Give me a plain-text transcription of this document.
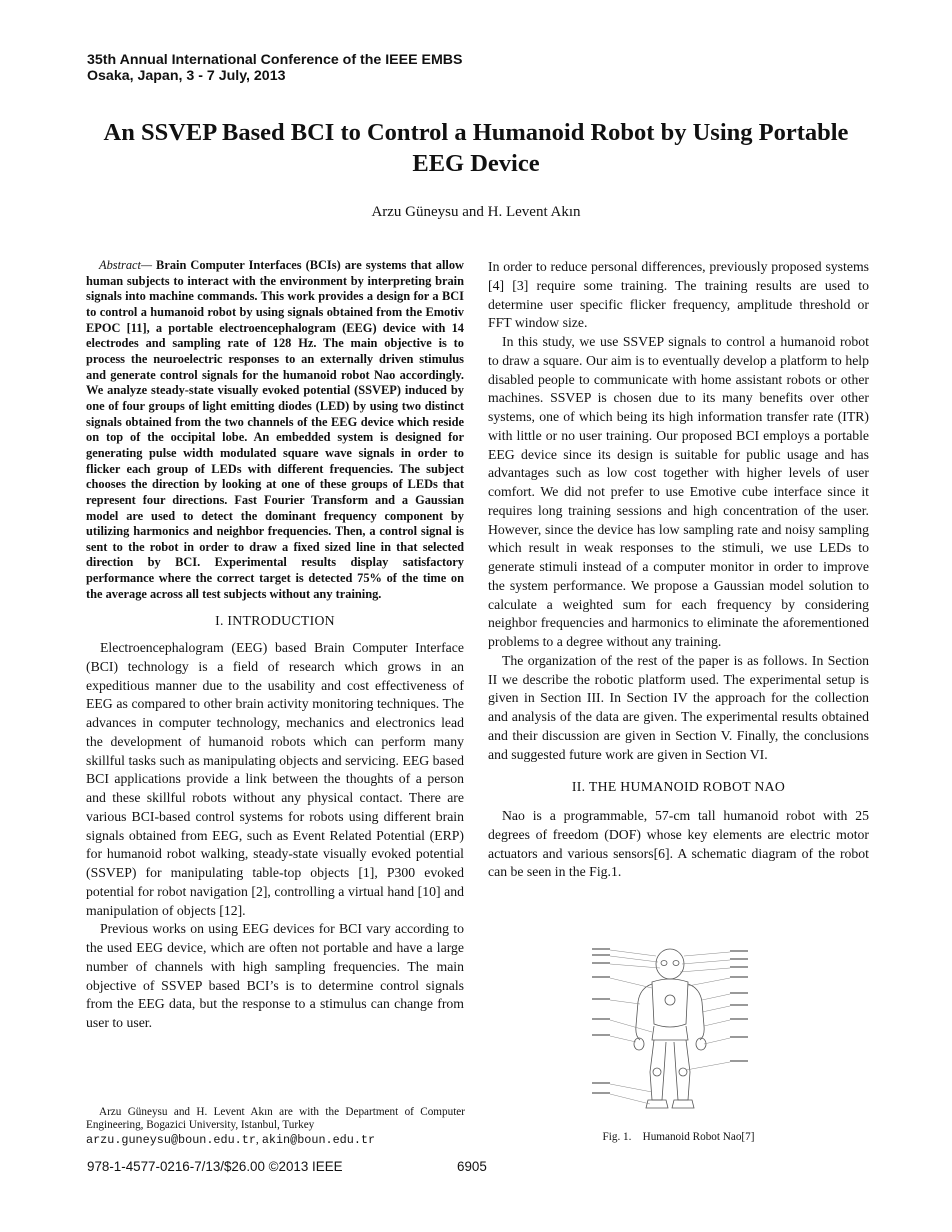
35th Annual International Conference of the IEEE EMBS
Osaka, Japan, 3 - 7 July, 2013
An SSVEP Based BCI to Control a Humanoid Robot by Using Portable
EEG Device
Arzu Güneysu and H. Levent Akın

Abstract— Brain Computer Interfaces (BCIs) are systems that allow human subjects to interact with the environment by interpreting brain signals into machine commands. This work provides a design for a BCI to control a humanoid robot by using signals obtained from the Emotiv EPOC [11], a portable electroencephalogram (EEG) device with 14 electrodes and sampling rate of 128 Hz. The main objective is to process the neuroelectric responses to an externally driven stimulus and generate control signals for the humanoid robot Nao accordingly. We analyze steady-state visually evoked potential (SSVEP) induced by one of four groups of light emitting diodes (LED) by using two distinct signals obtained from the two channels of the EEG device which reside on top of the occipital lobe. An embedded system is designed for generating pulse width modulated square wave signals in order to flicker each group of LEDs with different frequencies. The subject chooses the direction by looking at one of these groups of LEDs that represent four directions. Fast Fourier Transform and a Gaussian model are used to detect the dominant frequency component by utilizing harmonics and neighbor frequencies. Then, a control signal is sent to the robot in order to draw a fixed sized line in that selected direction by BCI. Experimental results display satisfactory performance where the correct target is detected 75% of the time on the average across all test subjects without any training.

I. INTRODUCTION

Electroencephalogram (EEG) based Brain Computer Interface (BCI) technology is a field of research which grows in an expeditious manner due to the usability and cost effectiveness of EEG as compared to other brain activity monitoring techniques. The advances in computer technology, mechanics and electronics lead the development of humanoid robots which can perform many skillful tasks such as manipulating objects and servicing. EEG based BCI applications provide a link between the thoughts of a person and these skillful robots without any physical contact. There are various BCI-based control systems for robots using different brain signals obtained from EEG, such as Event Related Potential (ERP) for humanoid robot walking, steady-state visually evoked potential (SSVEP) for manipulating table-top objects [1], P300 evoked potential for robot navigation [2], controlling a virtual hand [10] and manipulation of objects [12].

Previous works on using EEG devices for BCI vary according to the used EEG device, which are often not portable and have a large number of channels with high sampling frequencies. The main objective of SSVEP based BCI’s is to determine control signals from the EEG data, but the response to a stimulus can change from user to user.

In order to reduce personal differences, previously proposed systems [4] [3] require some training. The training results are used to determine user specific flicker frequency, amplitude threshold or FFT window size.

In this study, we use SSVEP signals to control a humanoid robot to draw a square. Our aim is to eventually develop a platform to help disabled people to communicate with home assistant robots or other machines. SSVEP is chosen due to its many benefits over other systems, one of which being its high information transfer rate (ITR) with little or no user training. Our proposed BCI employs a portable EEG device since its design is suitable for public usage and has advantages such as low cost together with higher levels of user comfort. We did not prefer to use Emotive cube interface since it requires long training sessions and high concentration of the user. However, since the device has low sampling rate and noisy sampling which result in weak responses to the stimuli, we use LEDs to generate stimuli instead of a computer monitor in order to improve the system performance. We propose a Gaussian model solution to calculate a weighted sum for each frequency by considering neighbor frequencies and harmonics to eliminate the aforementioned problems to a degree without any training.

The organization of the rest of the paper is as follows. In Section II we describe the robotic platform used. The experimental setup is given in Section III. In Section IV the approach for the collection and analysis of the data are given. The experimental results obtained and their discussion are given in Section V. Finally, the conclusions and suggested future work are given in Section VI.

II. THE HUMANOID ROBOT NAO

Nao is a programmable, 57-cm tall humanoid robot with 25 degrees of freedom (DOF) whose key elements are electric motor actuators and various sensors[6]. A schematic diagram of the robot can be seen in the Fig.1.

Arzu Güneysu and H. Levent Akın are with the Department of Computer Engineering, Bogazici University, Istanbul, Turkey
arzu.guneysu@boun.edu.tr, akin@boun.edu.tr	Fig. 1. Humanoid Robot Nao[7]
978-1-4577-0216-7/13/$26.00 ©2013 IEEE	6905
